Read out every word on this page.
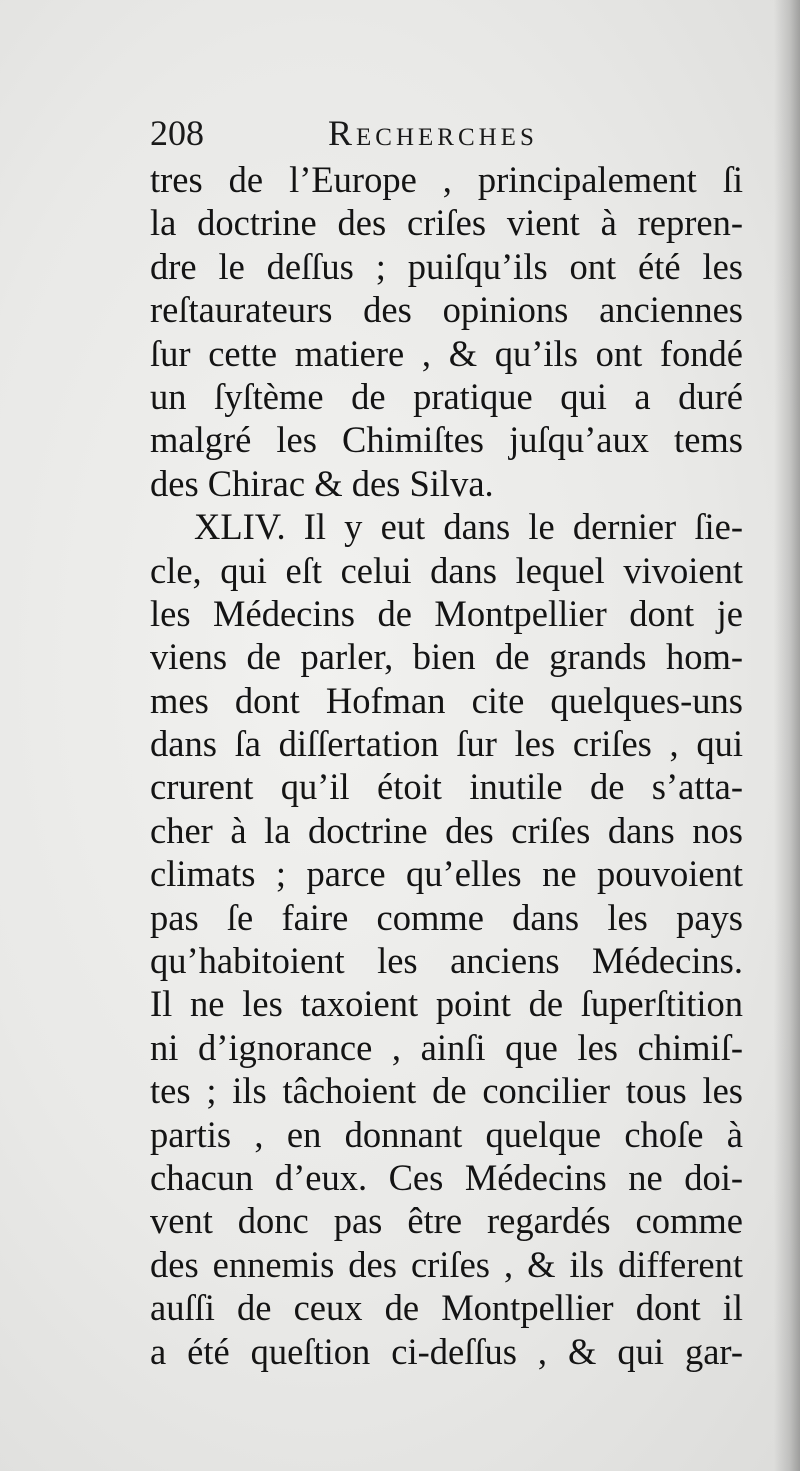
208	Recherches
tres de l’Europe , principalement ſi
la doctrine des criſes vient à repren-
dre le deſſus ; puiſqu’ils ont été les
reſtaurateurs des opinions anciennes
ſur cette matiere , & qu’ils ont fondé
un ſyſtème de pratique qui a duré
malgré les Chimiſtes juſqu’aux tems
des Chirac & des Silva.
XLIV. Il y eut dans le dernier ſie-
cle, qui eſt celui dans lequel vivoient
les Médecins de Montpellier dont je
viens de parler, bien de grands hom-
mes dont Hofman cite quelques-uns
dans ſa diſſertation ſur les criſes , qui
crurent qu’il étoit inutile de s’atta-
cher à la doctrine des criſes dans nos
climats ; parce qu’elles ne pouvoient
pas ſe faire comme dans les pays
qu’habitoient les anciens Médecins.
Il ne les taxoient point de ſuperſtition
ni d’ignorance , ainſi que les chimiſ-
tes ; ils tâchoient de concilier tous les
partis , en donnant quelque choſe à
chacun d’eux. Ces Médecins ne doi-
vent donc pas être regardés comme
des ennemis des criſes , & ils different
auſſi de ceux de Montpellier dont il
a été queſtion ci-deſſus , & qui gar-
